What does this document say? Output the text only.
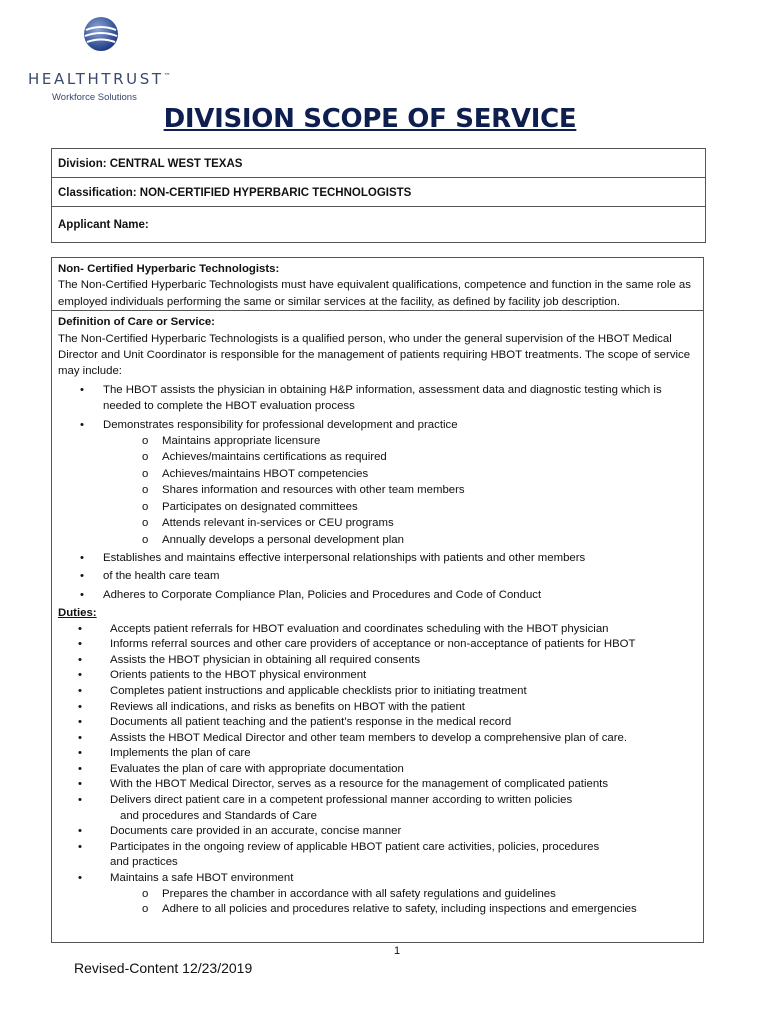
HEALTHTRUST™
Workforce Solutions
DIVISION SCOPE OF SERVICE
Division: CENTRAL WEST TEXAS
Classification: NON-CERTIFIED HYPERBARIC TECHNOLOGISTS
Applicant Name:
Non- Certified Hyperbaric Technologists:
The Non-Certified Hyperbaric Technologists must have equivalent qualifications, competence and function in the same role as employed individuals performing the same or similar services at the facility, as defined by facility job description.
Definition of Care or Service:
The Non-Certified Hyperbaric Technologists is a qualified person, who under the general supervision of the HBOT Medical Director and Unit Coordinator is responsible for the management of patients requiring HBOT treatments. The scope of service may include:
• The HBOT assists the physician in obtaining H&P information, assessment data and diagnostic testing which is needed to complete the HBOT evaluation process
• Demonstrates responsibility for professional development and practice
o Maintains appropriate licensure
o Achieves/maintains certifications as required
o Achieves/maintains HBOT competencies
o Shares information and resources with other team members
o Participates on designated committees
o Attends relevant in-services or CEU programs
o Annually develops a personal development plan
• Establishes and maintains effective interpersonal relationships with patients and other members
• of the health care team
• Adheres to Corporate Compliance Plan, Policies and Procedures and Code of Conduct
Duties:
• Accepts patient referrals for HBOT evaluation and coordinates scheduling with the HBOT physician
• Informs referral sources and other care providers of acceptance or non-acceptance of patients for HBOT
• Assists the HBOT physician in obtaining all required consents
• Orients patients to the HBOT physical environment
• Completes patient instructions and applicable checklists prior to initiating treatment
• Reviews all indications, and risks as benefits on HBOT with the patient
• Documents all patient teaching and the patient’s response in the medical record
• Assists the HBOT Medical Director and other team members to develop a comprehensive plan of care.
• Implements the plan of care
• Evaluates the plan of care with appropriate documentation
• With the HBOT Medical Director, serves as a resource for the management of complicated patients
• Delivers direct patient care in a competent professional manner according to written policies
and procedures and Standards of Care
• Documents care provided in an accurate, concise manner
• Participates in the ongoing review of applicable HBOT patient care activities, policies, procedures
and practices
• Maintains a safe HBOT environment
o Prepares the chamber in accordance with all safety regulations and guidelines
o Adhere to all policies and procedures relative to safety, including inspections and emergencies
1
Revised-Content 12/23/2019
